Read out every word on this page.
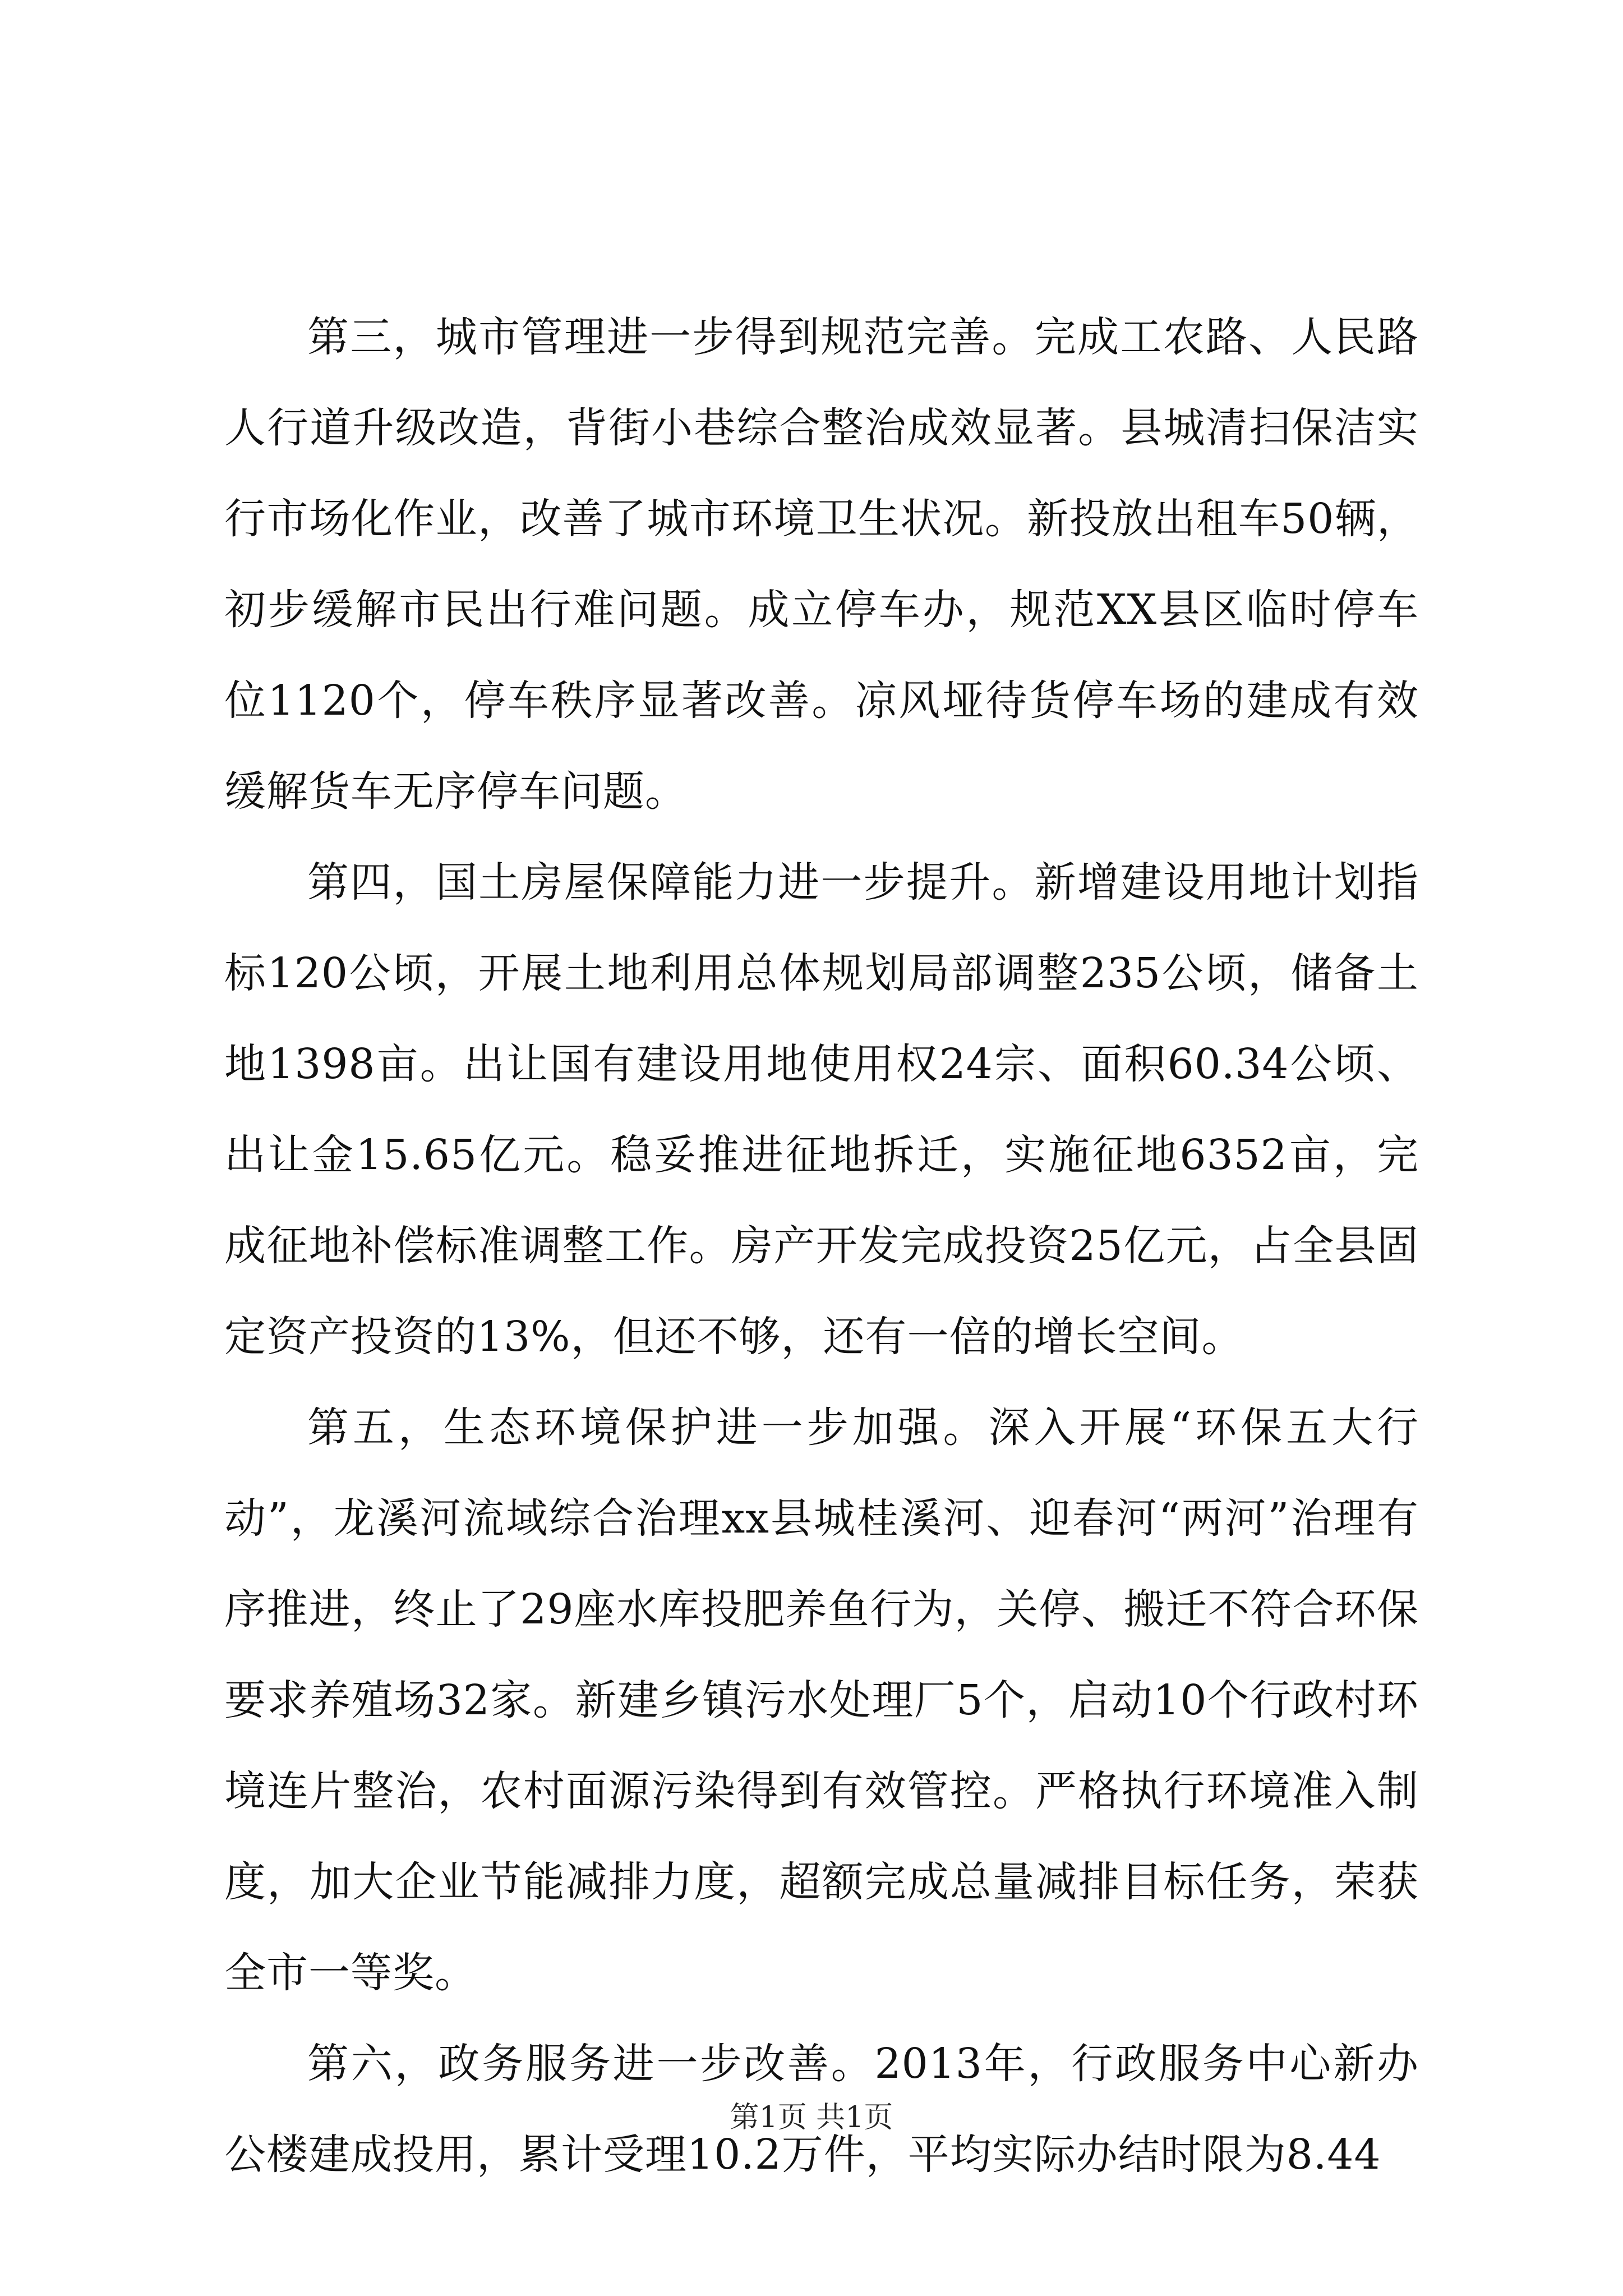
第三，城市管理进一步得到规范完善。完成工农路、人民路人行道升级改造，背街小巷综合整治成效显著。县城清扫保洁实行市场化作业，改善了城市环境卫生状况。新投放出租车50辆，初步缓解市民出行难问题。成立停车办，规范XX县区临时停车位1120个，停车秩序显著改善。凉风垭待货停车场的建成有效缓解货车无序停车问题。

第四，国土房屋保障能力进一步提升。新增建设用地计划指标120公顷，开展土地利用总体规划局部调整235公顷，储备土地1398亩。出让国有建设用地使用权24宗、面积60.34公顷、出让金15.65亿元。稳妥推进征地拆迁，实施征地6352亩，完成征地补偿标准调整工作。房产开发完成投资25亿元，占全县固定资产投资的13%，但还不够，还有一倍的增长空间。

第五，生态环境保护进一步加强。深入开展“环保五大行动”，龙溪河流域综合治理xx县城桂溪河、迎春河“两河”治理有序推进，终止了29座水库投肥养鱼行为，关停、搬迁不符合环保要求养殖场32家。新建乡镇污水处理厂5个，启动10个行政村环境连片整治，农村面源污染得到有效管控。严格执行环境准入制度，加大企业节能减排力度，超额完成总量减排目标任务，荣获全市一等奖。

第六，政务服务进一步改善。2013年，行政服务中心新办公楼建成投用，累计受理10.2万件，平均实际办结时限为8.44

第1页 共1页
